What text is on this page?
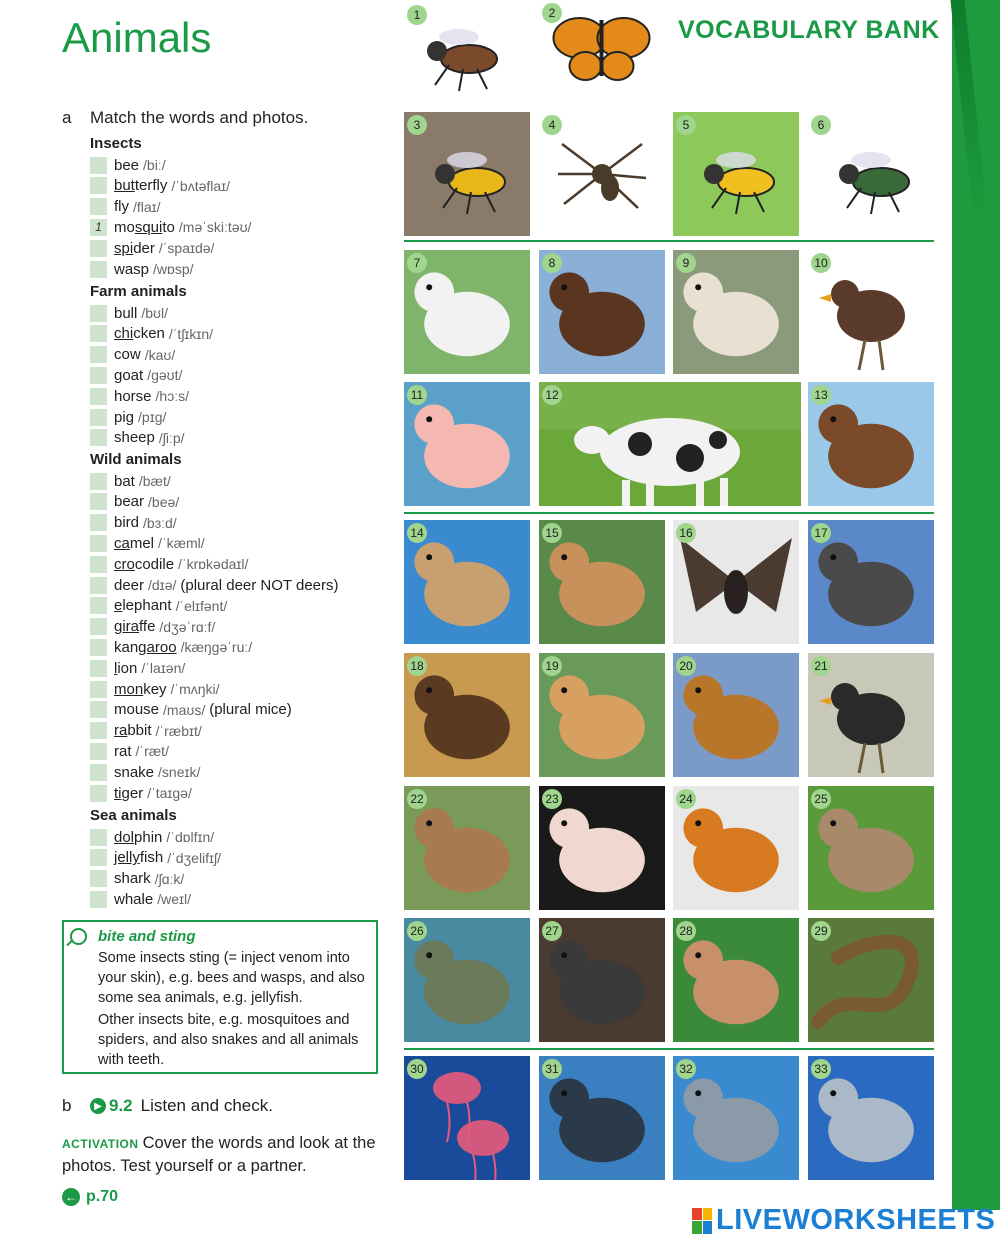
Animals	VOCABULARY BANK
a Match the words and photos.
Insects
bee /biː/
butterfly /ˈbʌtəflaɪ/
fly /flaɪ/
1 mosquito /məˈskiːtəʊ/
spider /ˈspaɪdə/
wasp /wɒsp/
Farm animals
bull /bʊl/
chicken /ˈtʃɪkɪn/
cow /kaʊ/
goat /gəʊt/
horse /hɔːs/
pig /pɪg/
sheep /ʃiːp/
Wild animals
bat /bæt/
bear /beə/
bird /bɜːd/
camel /ˈkæml/
crocodile /ˈkrɒkədaɪl/
deer /dɪə/ (plural deer NOT deers)
elephant /ˈelɪfənt/
giraffe /dʒəˈrɑːf/
kangaroo /kæŋgəˈruː/
lion /ˈlaɪən/
monkey /ˈmʌŋki/
mouse /maʊs/ (plural mice)
rabbit /ˈræbɪt/
rat /ˈræt/
snake /sneɪk/
tiger /ˈtaɪgə/
Sea animals
dolphin /ˈdɒlfɪn/
jellyfish /ˈdʒelifɪʃ/
shark /ʃɑːk/
whale /weɪl/
bite and sting
Some insects sting (= inject venom into your skin), e.g. bees and wasps, and also some sea animals, e.g. jellyfish.
Other insects bite, e.g. mosquitoes and spiders, and also snakes and all animals with teeth.
b	▶ 9.2 Listen and check.
ACTIVATION Cover the words and look at the photos. Test yourself or a partner.
← p.70
1	2
3	4	5	6
7	8	9	10
11	12	13
14	15	16	17
18	19	20	21
22	23	24	25
26	27	28	29
30	31	32	33
LIVEWORKSHEETS
